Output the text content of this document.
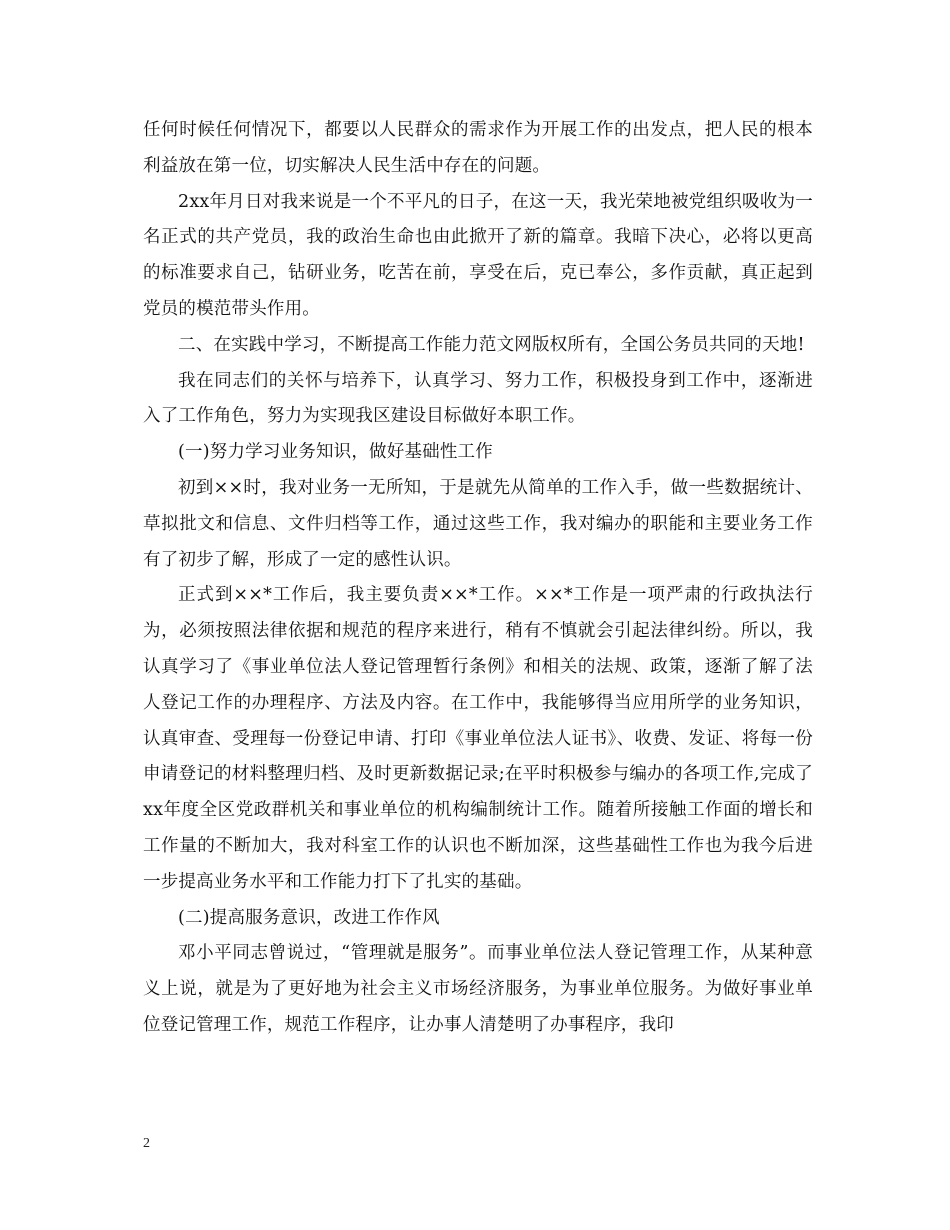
任何时候任何情况下，都要以人民群众的需求作为开展工作的出发点，把人民的根本利益放在第一位，切实解决人民生活中存在的问题。

2xx年月日对我来说是一个不平凡的日子，在这一天，我光荣地被党组织吸收为一名正式的共产党员，我的政治生命也由此掀开了新的篇章。我暗下决心，必将以更高的标准要求自己，钻研业务，吃苦在前，享受在后，克已奉公，多作贡献，真正起到党员的模范带头作用。

二、在实践中学习，不断提高工作能力范文网版权所有，全国公务员共同的天地!

我在同志们的关怀与培养下，认真学习、努力工作，积极投身到工作中，逐渐进入了工作角色，努力为实现我区建设目标做好本职工作。

(一)努力学习业务知识，做好基础性工作

初到××时，我对业务一无所知，于是就先从简单的工作入手，做一些数据统计、草拟批文和信息、文件归档等工作，通过这些工作，我对编办的职能和主要业务工作有了初步了解，形成了一定的感性认识。

正式到××*工作后，我主要负责××*工作。××*工作是一项严肃的行政执法行为，必须按照法律依据和规范的程序来进行，稍有不慎就会引起法律纠纷。所以，我认真学习了《事业单位法人登记管理暂行条例》和相关的法规、政策，逐渐了解了法人登记工作的办理程序、方法及内容。在工作中，我能够得当应用所学的业务知识，认真审查、受理每一份登记申请、打印《事业单位法人证书》、收费、发证、将每一份申请登记的材料整理归档、及时更新数据记录;在平时积极参与编办的各项工作,完成了xx年度全区党政群机关和事业单位的机构编制统计工作。随着所接触工作面的增长和工作量的不断加大，我对科室工作的认识也不断加深，这些基础性工作也为我今后进一步提高业务水平和工作能力打下了扎实的基础。

(二)提高服务意识，改进工作作风

邓小平同志曾说过，“管理就是服务”。而事业单位法人登记管理工作，从某种意义上说，就是为了更好地为社会主义市场经济服务，为事业单位服务。为做好事业单位登记管理工作，规范工作程序，让办事人清楚明了办事程序，我印

2
